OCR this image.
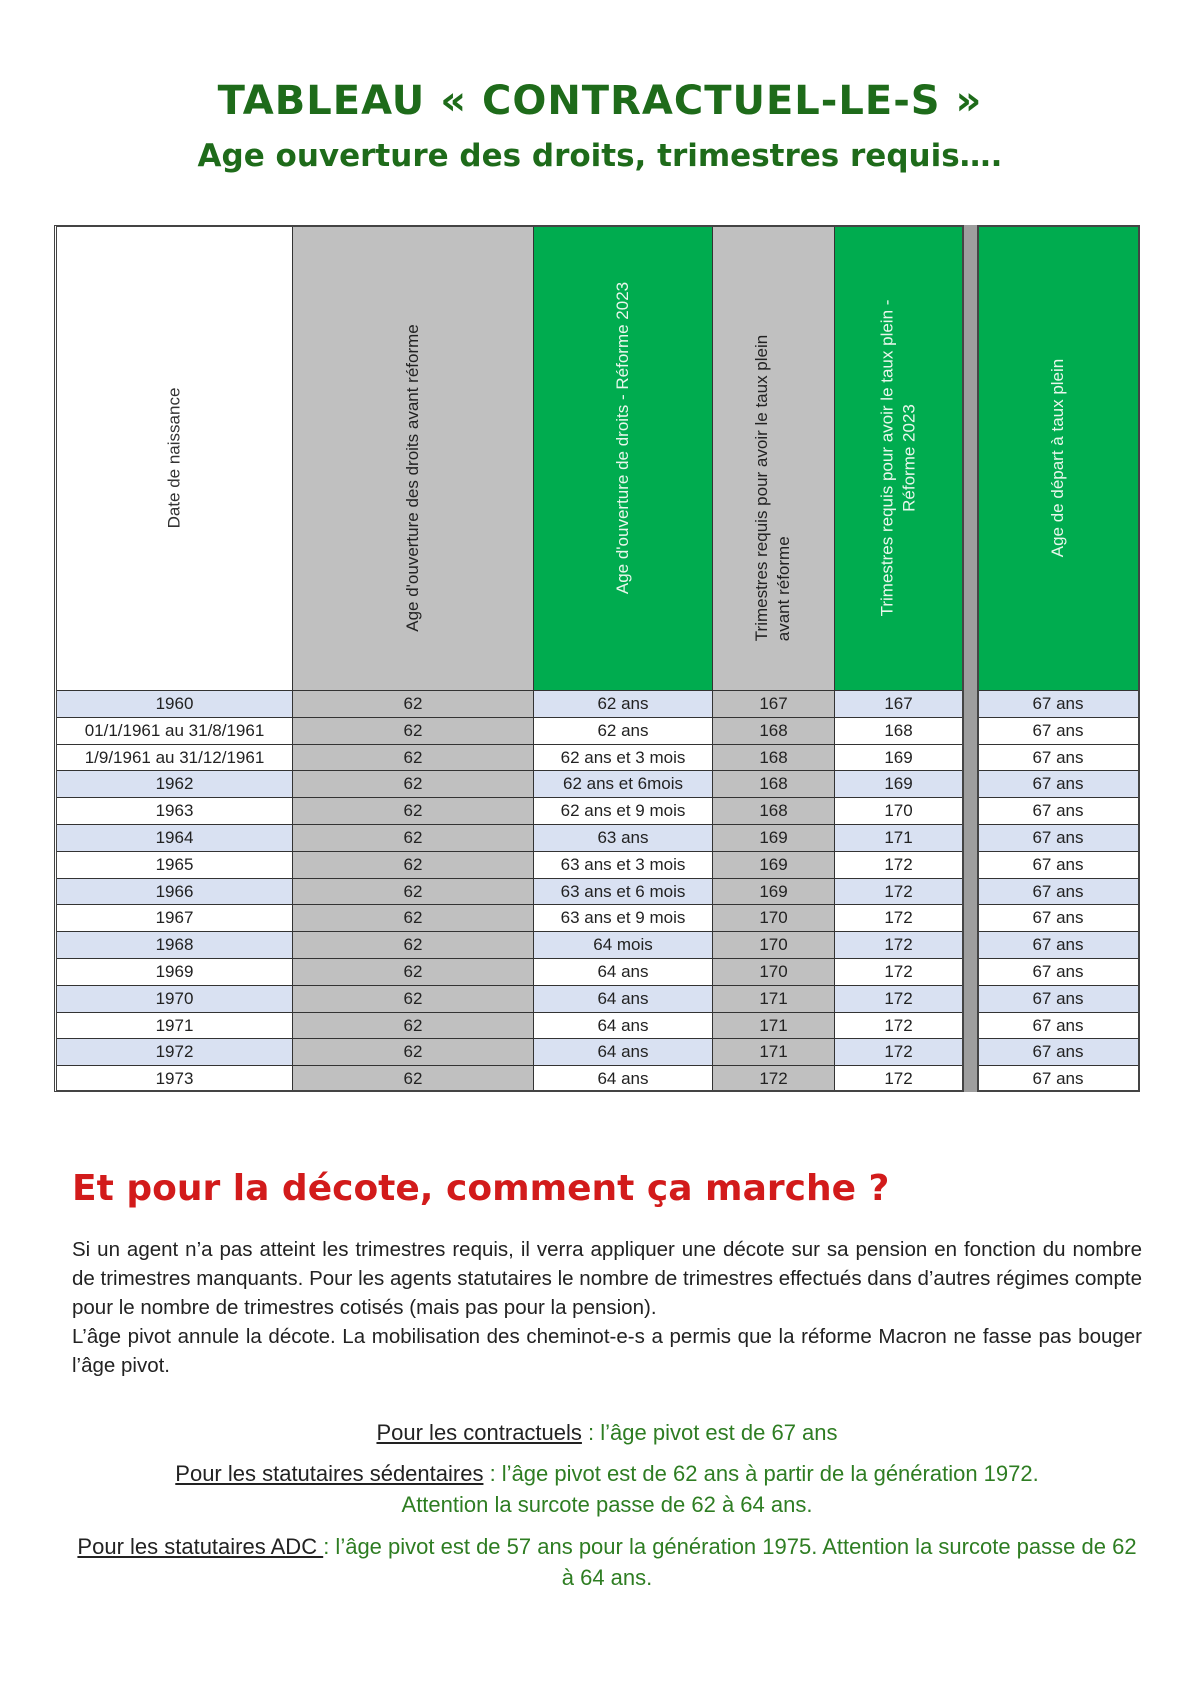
TABLEAU « CONTRACTUEL-LE-S »
Age ouverture des droits, trimestres requis….
Date de naissance	Age d'ouverture des droits avant réforme	Age d'ouverture de droits - Réforme 2023	Trimestres requis pour avoir le taux plein avant réforme	Trimestres requis pour avoir le taux plein - Réforme 2023	Age de départ à taux plein
1960	62	62 ans	167	167	67 ans
01/1/1961 au 31/8/1961	62	62 ans	168	168	67 ans
1/9/1961 au 31/12/1961	62	62 ans et 3 mois	168	169	67 ans
1962	62	62 ans et 6mois	168	169	67 ans
1963	62	62 ans et 9 mois	168	170	67 ans
1964	62	63 ans	169	171	67 ans
1965	62	63 ans et 3 mois	169	172	67 ans
1966	62	63 ans et 6 mois	169	172	67 ans
1967	62	63 ans et 9 mois	170	172	67 ans
1968	62	64 mois	170	172	67 ans
1969	62	64 ans	170	172	67 ans
1970	62	64 ans	171	172	67 ans
1971	62	64 ans	171	172	67 ans
1972	62	64 ans	171	172	67 ans
1973	62	64 ans	172	172	67 ans
Et pour la décote, comment ça marche ?

Si un agent n’a pas atteint les trimestres requis, il verra appliquer une décote sur sa pension en fonction du nombre de trimestres manquants. Pour les agents statutaires le nombre de trimestres effectués dans d’autres régimes compte pour le nombre de trimestres cotisés (mais pas pour la pension).

L’âge pivot annule la décote. La mobilisation des cheminot-e-s a permis que la réforme Macron ne fasse pas bouger l’âge pivot.

Pour les contractuels : l’âge pivot est de 67 ans
Pour les statutaires sédentaires : l’âge pivot est de 62 ans à partir de la génération 1972. Attention la surcote passe de 62 à 64 ans.
Pour les statutaires ADC : l’âge pivot est de 57 ans pour la génération 1975. Attention la surcote passe de 62 à 64 ans.
